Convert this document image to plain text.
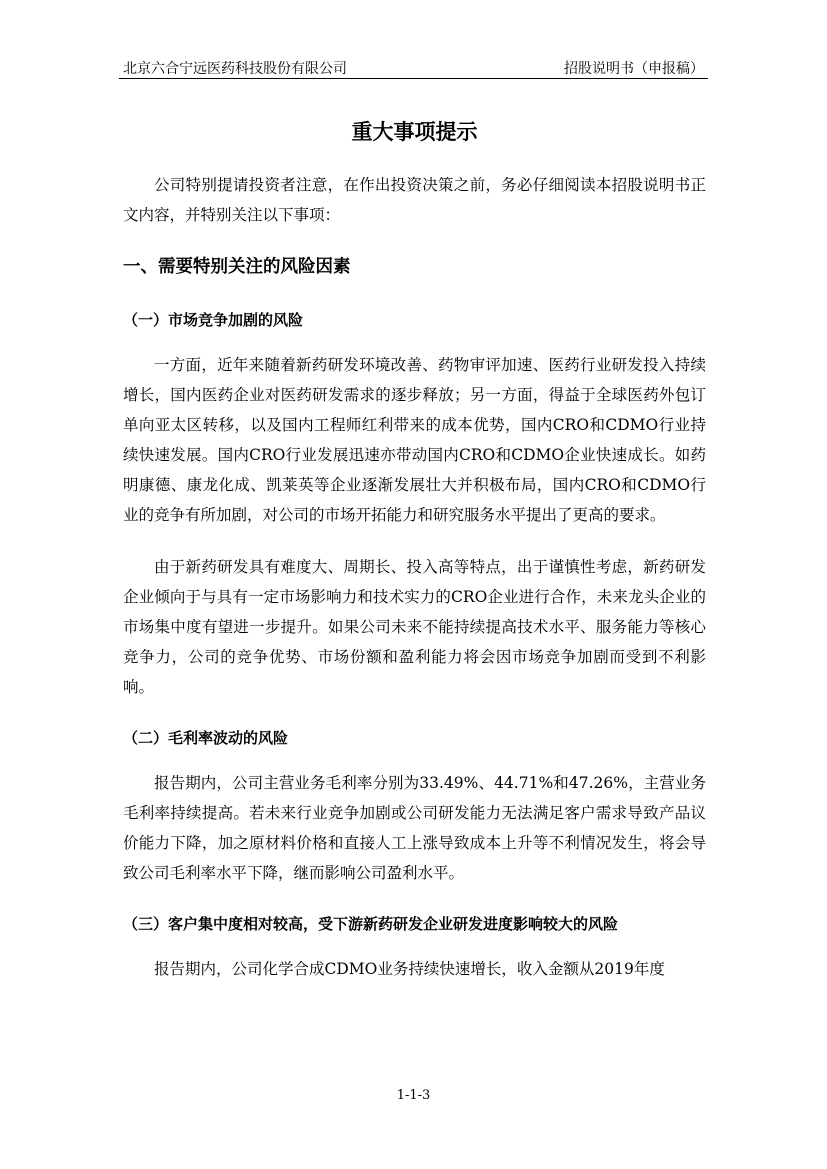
北京六合宁远医药科技股份有限公司	招股说明书（申报稿）
重大事项提示

公司特别提请投资者注意，在作出投资决策之前，务必仔细阅读本招股说明书正文内容，并特别关注以下事项：

一、需要特别关注的风险因素
（一）市场竞争加剧的风险

一方面，近年来随着新药研发环境改善、药物审评加速、医药行业研发投入持续增长，国内医药企业对医药研发需求的逐步释放；另一方面，得益于全球医药外包订单向亚太区转移，以及国内工程师红利带来的成本优势，国内CRO和CDMO行业持续快速发展。国内CRO行业发展迅速亦带动国内CRO和CDMO企业快速成长。如药明康德、康龙化成、凯莱英等企业逐渐发展壮大并积极布局，国内CRO和CDMO行业的竞争有所加剧，对公司的市场开拓能力和研究服务水平提出了更高的要求。

由于新药研发具有难度大、周期长、投入高等特点，出于谨慎性考虑，新药研发企业倾向于与具有一定市场影响力和技术实力的CRO企业进行合作，未来龙头企业的市场集中度有望进一步提升。如果公司未来不能持续提高技术水平、服务能力等核心竞争力，公司的竞争优势、市场份额和盈利能力将会因市场竞争加剧而受到不利影响。

（二）毛利率波动的风险

报告期内，公司主营业务毛利率分别为33.49%、44.71%和47.26%，主营业务毛利率持续提高。若未来行业竞争加剧或公司研发能力无法满足客户需求导致产品议价能力下降，加之原材料价格和直接人工上涨导致成本上升等不利情况发生，将会导致公司毛利率水平下降，继而影响公司盈利水平。

（三）客户集中度相对较高，受下游新药研发企业研发进度影响较大的风险

报告期内，公司化学合成CDMO业务持续快速增长，收入金额从2019年度

1-1-3
